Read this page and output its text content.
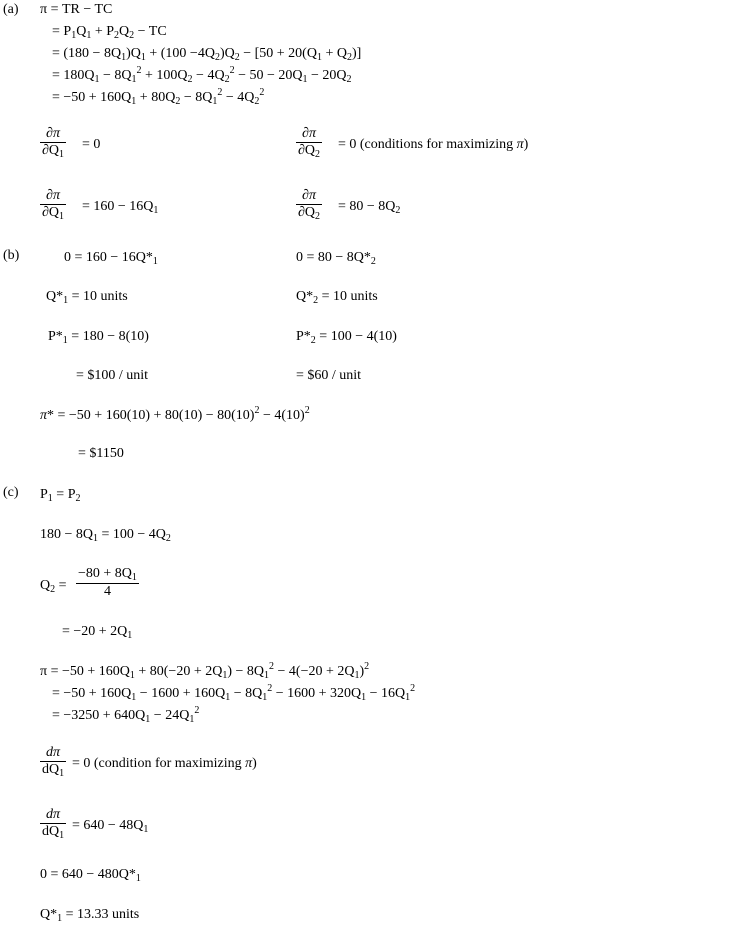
(a) π = TR − TC
= $P_1Q_1 + P_2Q_2$ − TC
= $(180 - 8Q_1)Q_1 + (100 -4Q_2)Q_2 - [50 + 20(Q_1 + Q_2)]$
= $180Q_1 - 8Q_1^2 + 100Q_2 - 4Q_2^2 - 50 - 20Q_1 - 20Q_2$
= $-50 + 160Q_1 + 80Q_2 - 8Q_1^2 - 4Q_2^2$
$\frac{\partial\pi}{\partial Q_1} = 0$	$\frac{\partial\pi}{\partial Q_2} = 0$ (conditions for maximizing π)
$\frac{\partial\pi}{\partial Q_1} = 160 - 16Q_1$	$\frac{\partial\pi}{\partial Q_2} = 80 - 8Q_2$
(b)	$0 = 160 - 16Q*_1$	$0 = 80 - 8Q*_2$
$Q*_1 = 10$ units	$Q*_2 = 10$ units
$P*_1 = 180 - 8(10)$	$P*_2 = 100 - 4(10)$
= $100 / unit	= $60 / unit
$\pi* = -50 + 160(10) + 80(10) - 80(10)^2 - 4(10)^2$
= $1150
(c) $P_1 = P_2$
$180 - 8Q_1 = 100 - 4Q_2$
$Q_2 = \frac{-80 + 8Q_1}{4}$
= $-20 + 2Q_1$
$\pi = -50 + 160Q_1 + 80(-20 + 2Q_1) - 8Q_1^2 - 4(-20 + 2Q_1)^2$
= $-50 + 160Q_1 - 1600 + 160Q_1 - 8Q_1^2 - 1600 + 320Q_1 - 16Q_1^2$
= $-3250 + 640Q_1 - 24Q_1^2$
$\frac{d\pi}{dQ_1} = 0$ (condition for maximizing π)
$\frac{d\pi}{dQ_1} = 640 - 48Q_1$
$0 = 640 - 480Q*_1$
$Q*_1 = 13.33$ units
